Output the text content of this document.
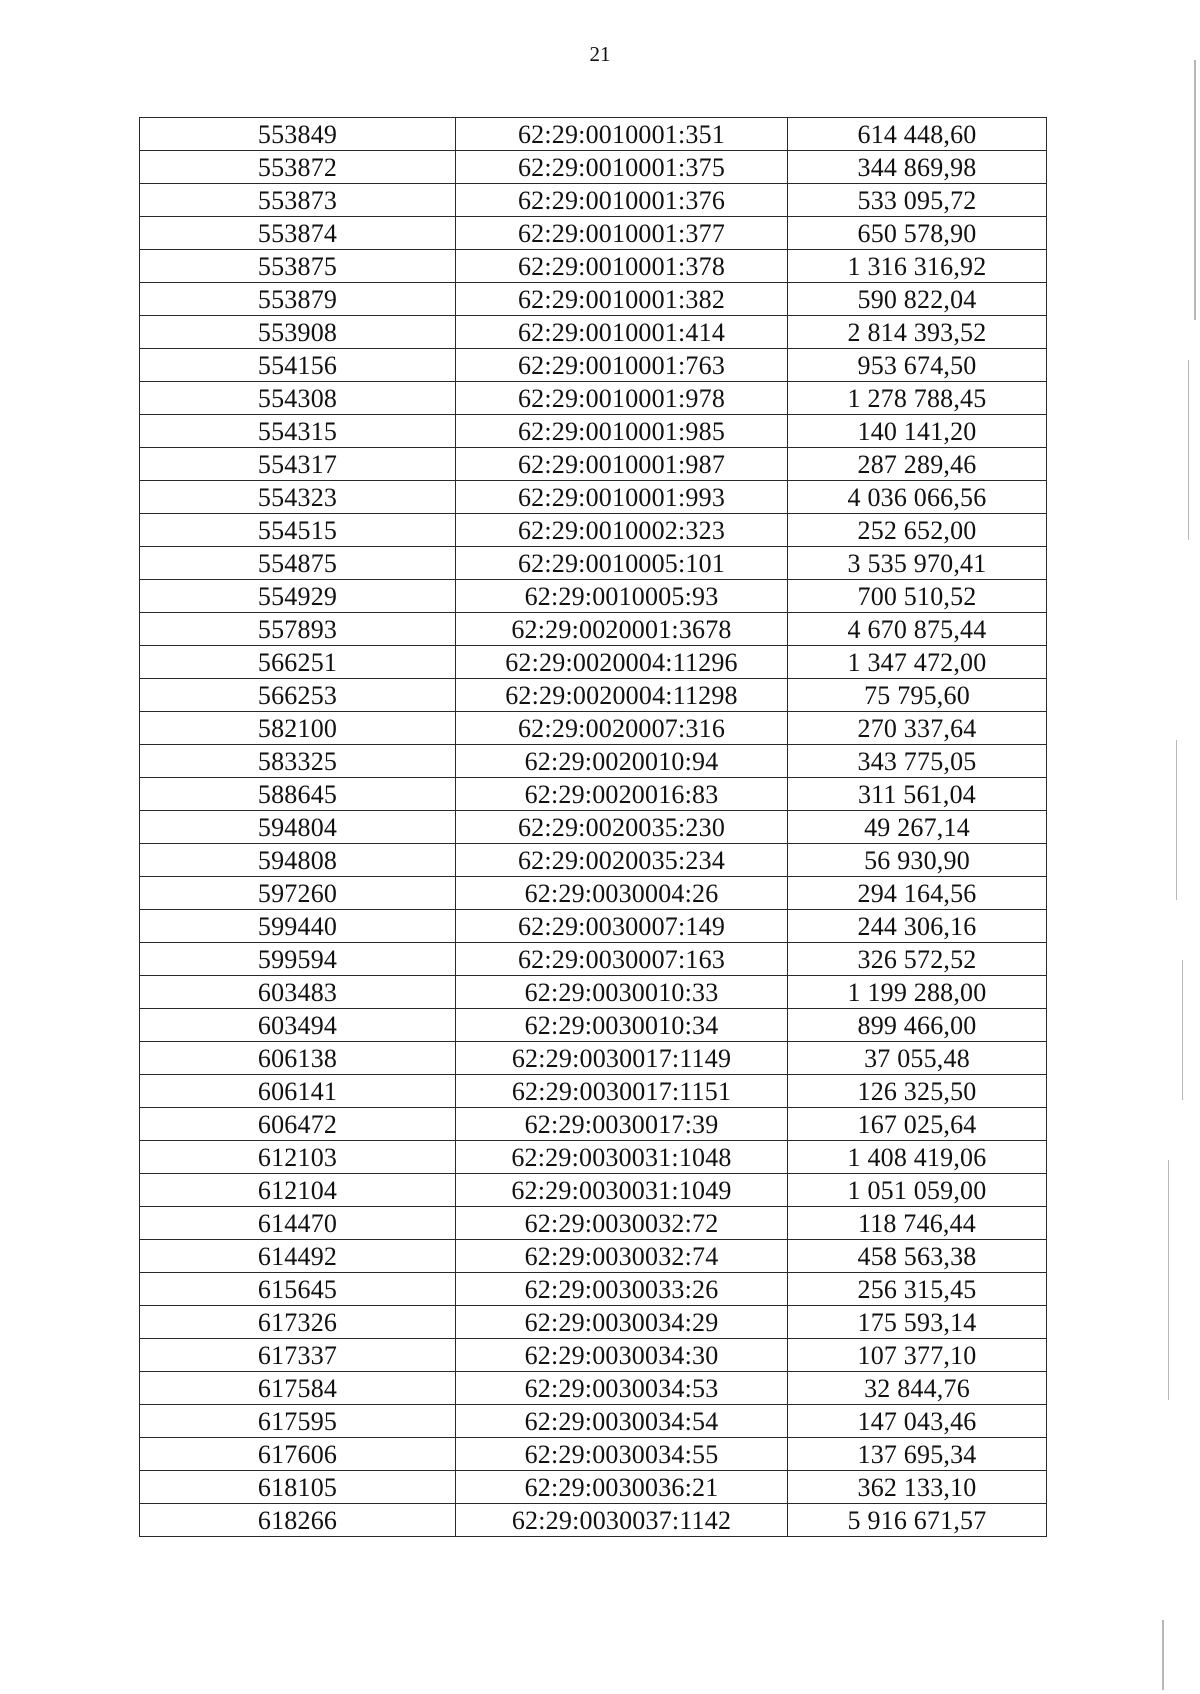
21
553849	62:29:0010001:351	614 448,60
553872	62:29:0010001:375	344 869,98
553873	62:29:0010001:376	533 095,72
553874	62:29:0010001:377	650 578,90
553875	62:29:0010001:378	1 316 316,92
553879	62:29:0010001:382	590 822,04
553908	62:29:0010001:414	2 814 393,52
554156	62:29:0010001:763	953 674,50
554308	62:29:0010001:978	1 278 788,45
554315	62:29:0010001:985	140 141,20
554317	62:29:0010001:987	287 289,46
554323	62:29:0010001:993	4 036 066,56
554515	62:29:0010002:323	252 652,00
554875	62:29:0010005:101	3 535 970,41
554929	62:29:0010005:93	700 510,52
557893	62:29:0020001:3678	4 670 875,44
566251	62:29:0020004:11296	1 347 472,00
566253	62:29:0020004:11298	75 795,60
582100	62:29:0020007:316	270 337,64
583325	62:29:0020010:94	343 775,05
588645	62:29:0020016:83	311 561,04
594804	62:29:0020035:230	49 267,14
594808	62:29:0020035:234	56 930,90
597260	62:29:0030004:26	294 164,56
599440	62:29:0030007:149	244 306,16
599594	62:29:0030007:163	326 572,52
603483	62:29:0030010:33	1 199 288,00
603494	62:29:0030010:34	899 466,00
606138	62:29:0030017:1149	37 055,48
606141	62:29:0030017:1151	126 325,50
606472	62:29:0030017:39	167 025,64
612103	62:29:0030031:1048	1 408 419,06
612104	62:29:0030031:1049	1 051 059,00
614470	62:29:0030032:72	118 746,44
614492	62:29:0030032:74	458 563,38
615645	62:29:0030033:26	256 315,45
617326	62:29:0030034:29	175 593,14
617337	62:29:0030034:30	107 377,10
617584	62:29:0030034:53	32 844,76
617595	62:29:0030034:54	147 043,46
617606	62:29:0030034:55	137 695,34
618105	62:29:0030036:21	362 133,10
618266	62:29:0030037:1142	5 916 671,57
